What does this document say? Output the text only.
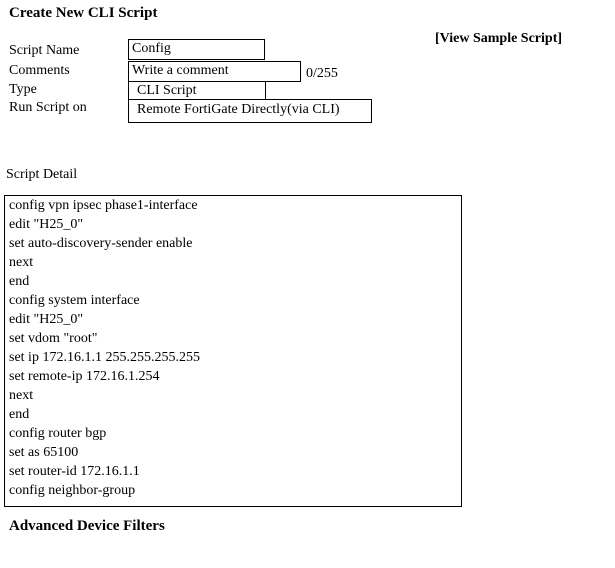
Create New CLI Script
[View Sample Script]
Script Name	Config
Comments	Write a comment	0/255
Type	CLI Script
Run Script on	Remote FortiGate Directly(via CLI)
Script Detail
config vpn ipsec phase1-interface
edit "H25_0"
set auto-discovery-sender enable
next
end
config system interface
edit "H25_0"
set vdom "root"
set ip 172.16.1.1 255.255.255.255
set remote-ip 172.16.1.254
next
end
config router bgp
set as 65100
set router-id 172.16.1.1
config neighbor-group
Advanced Device Filters
